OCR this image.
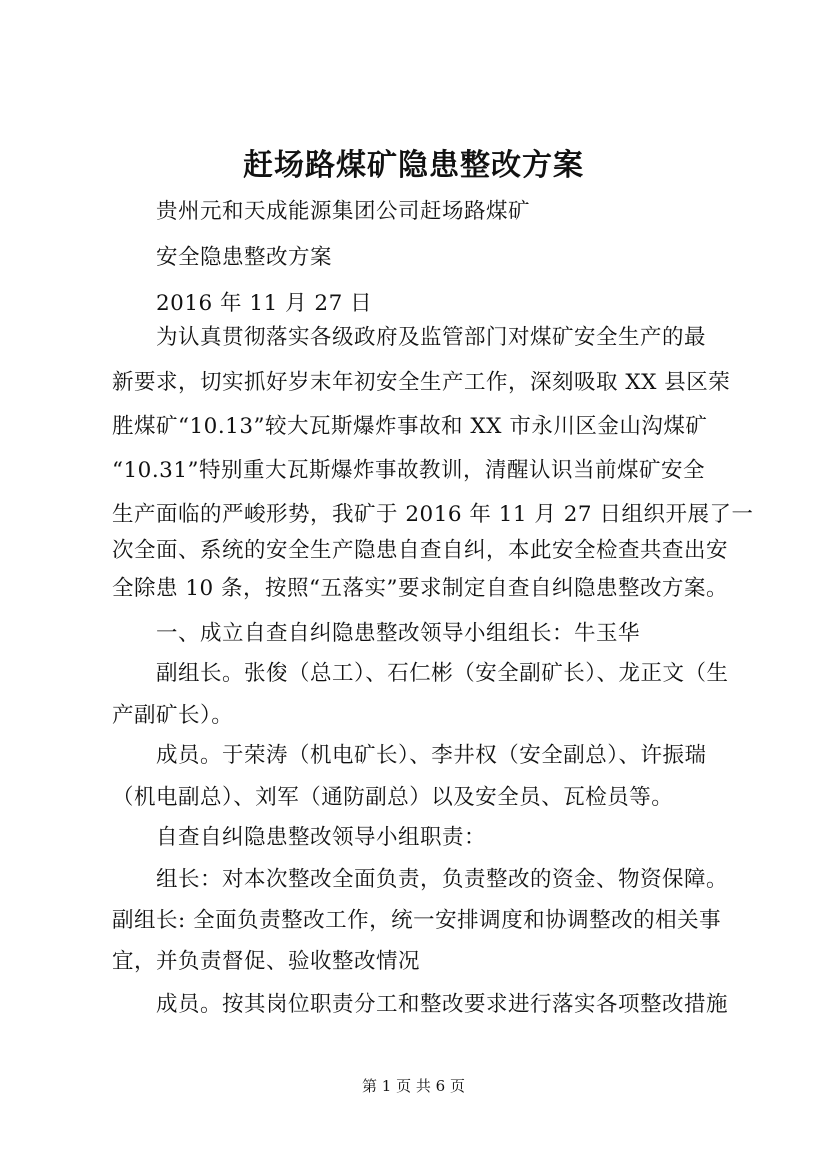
赶场路煤矿隐患整改方案
贵州元和天成能源集团公司赶场路煤矿
安全隐患整改方案
2016 年 11 月 27 日
为认真贯彻落实各级政府及监管部门对煤矿安全生产的最
新要求，切实抓好岁末年初安全生产工作，深刻吸取 XX 县区荣
胜煤矿“10.13”较大瓦斯爆炸事故和 XX 市永川区金山沟煤矿
“10.31”特别重大瓦斯爆炸事故教训，清醒认识当前煤矿安全
生产面临的严峻形势，我矿于 2016 年 11 月 27 日组织开展了一
次全面、系统的安全生产隐患自查自纠，本此安全检查共查出安
全除患 10 条，按照“五落实”要求制定自查自纠隐患整改方案。
一、成立自查自纠隐患整改领导小组组长：牛玉华
副组长。张俊（总工）、石仁彬（安全副矿长）、龙正文（生
产副矿长）。
成员。于荣涛（机电矿长）、李井权（安全副总）、许振瑞
（机电副总）、刘军（通防副总）以及安全员、瓦检员等。
自查自纠隐患整改领导小组职责：
组长：对本次整改全面负责，负责整改的资金、物资保障。
副组长: 全面负责整改工作，统一安排调度和协调整改的相关事
宜，并负责督促、验收整改情况
成员。按其岗位职责分工和整改要求进行落实各项整改措施
第 1 页 共 6 页
